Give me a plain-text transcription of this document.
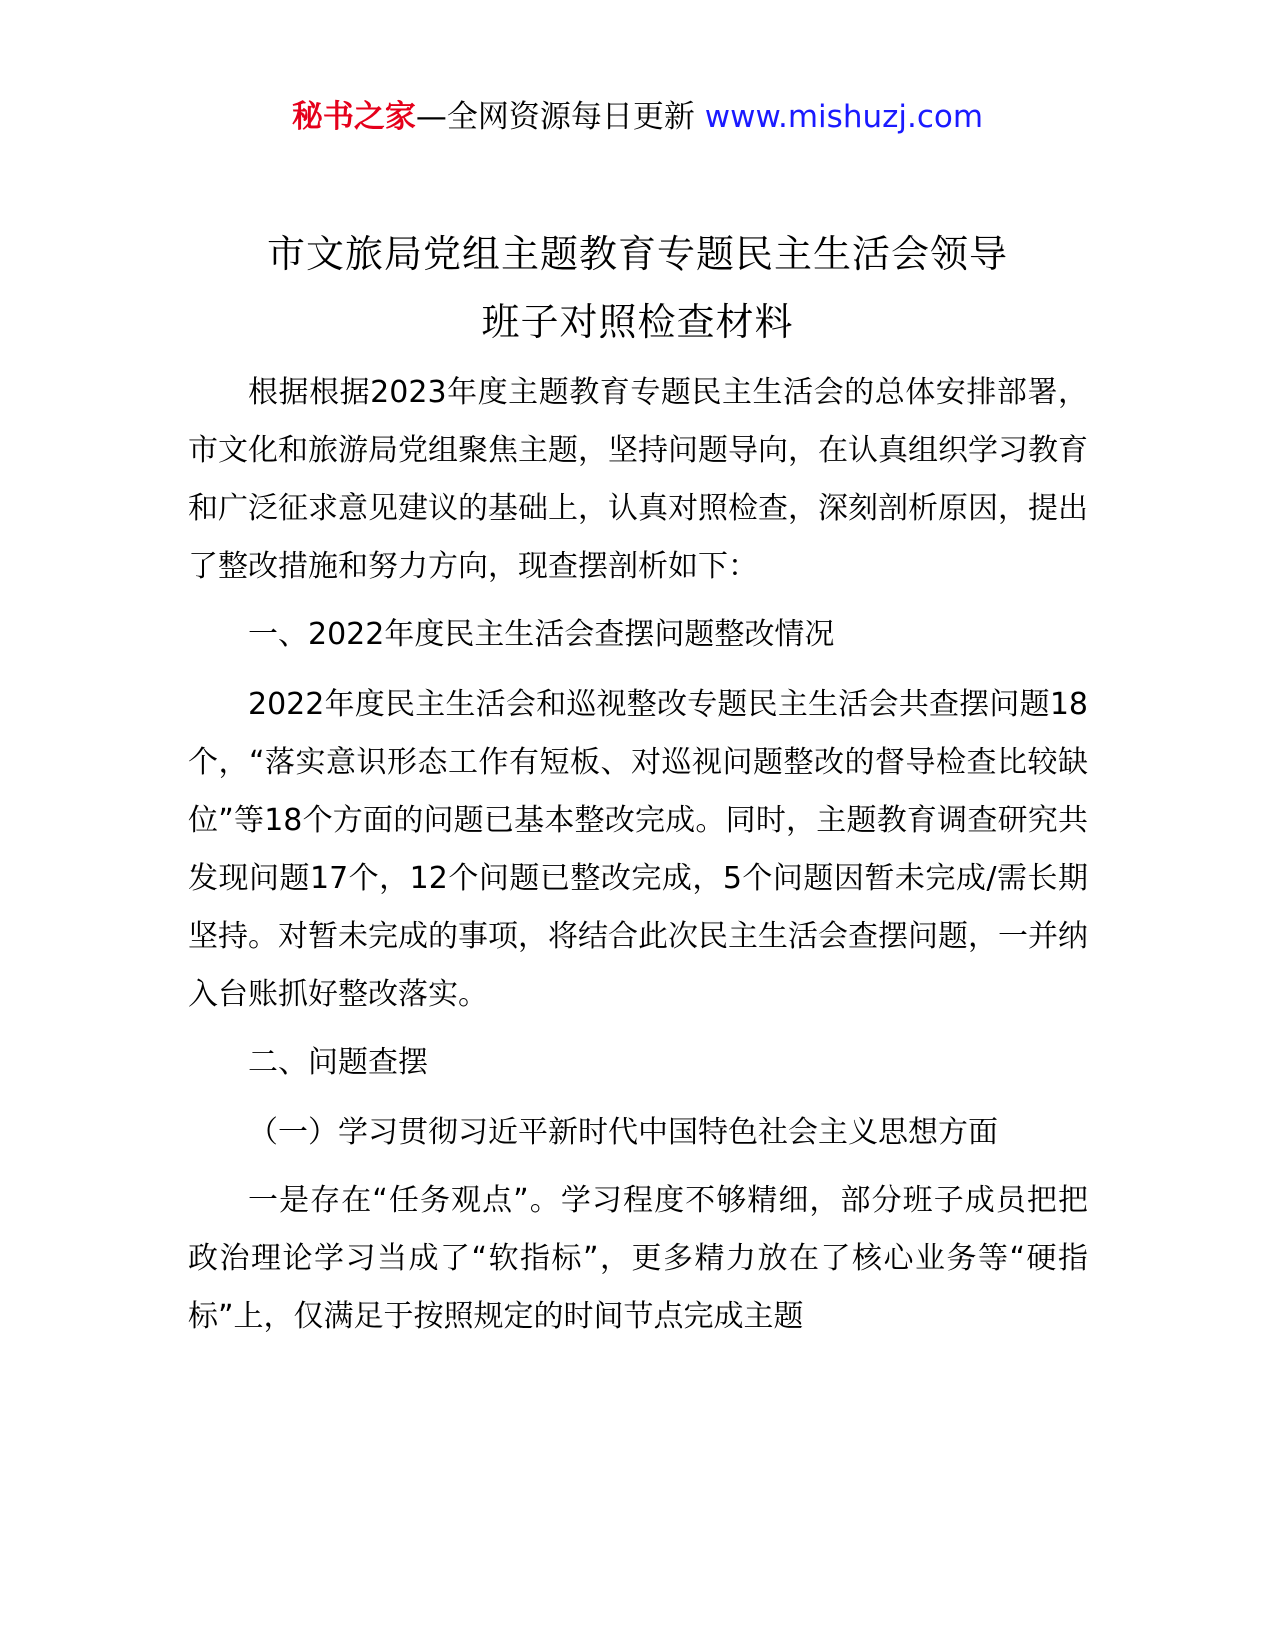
秘书之家—全网资源每日更新 www.mishuzj.com
市文旅局党组主题教育专题民主生活会领导
班子对照检查材料

根据根据2023年度主题教育专题民主生活会的总体安排部署，市文化和旅游局党组聚焦主题，坚持问题导向，在认真组织学习教育和广泛征求意见建议的基础上，认真对照检查，深刻剖析原因，提出了整改措施和努力方向，现查摆剖析如下：

一、2022年度民主生活会查摆问题整改情况

2022年度民主生活会和巡视整改专题民主生活会共查摆问题18个，“落实意识形态工作有短板、对巡视问题整改的督导检查比较缺位”等18个方面的问题已基本整改完成。同时，主题教育调查研究共发现问题17个，12个问题已整改完成，5个问题因暂未完成/需长期坚持。对暂未完成的事项，将结合此次民主生活会查摆问题，一并纳入台账抓好整改落实。

二、问题查摆

（一）学习贯彻习近平新时代中国特色社会主义思想方面

一是存在“任务观点”。学习程度不够精细，部分班子成员把把政治理论学习当成了“软指标”，更多精力放在了核心业务等“硬指标”上，仅满足于按照规定的时间节点完成主题
